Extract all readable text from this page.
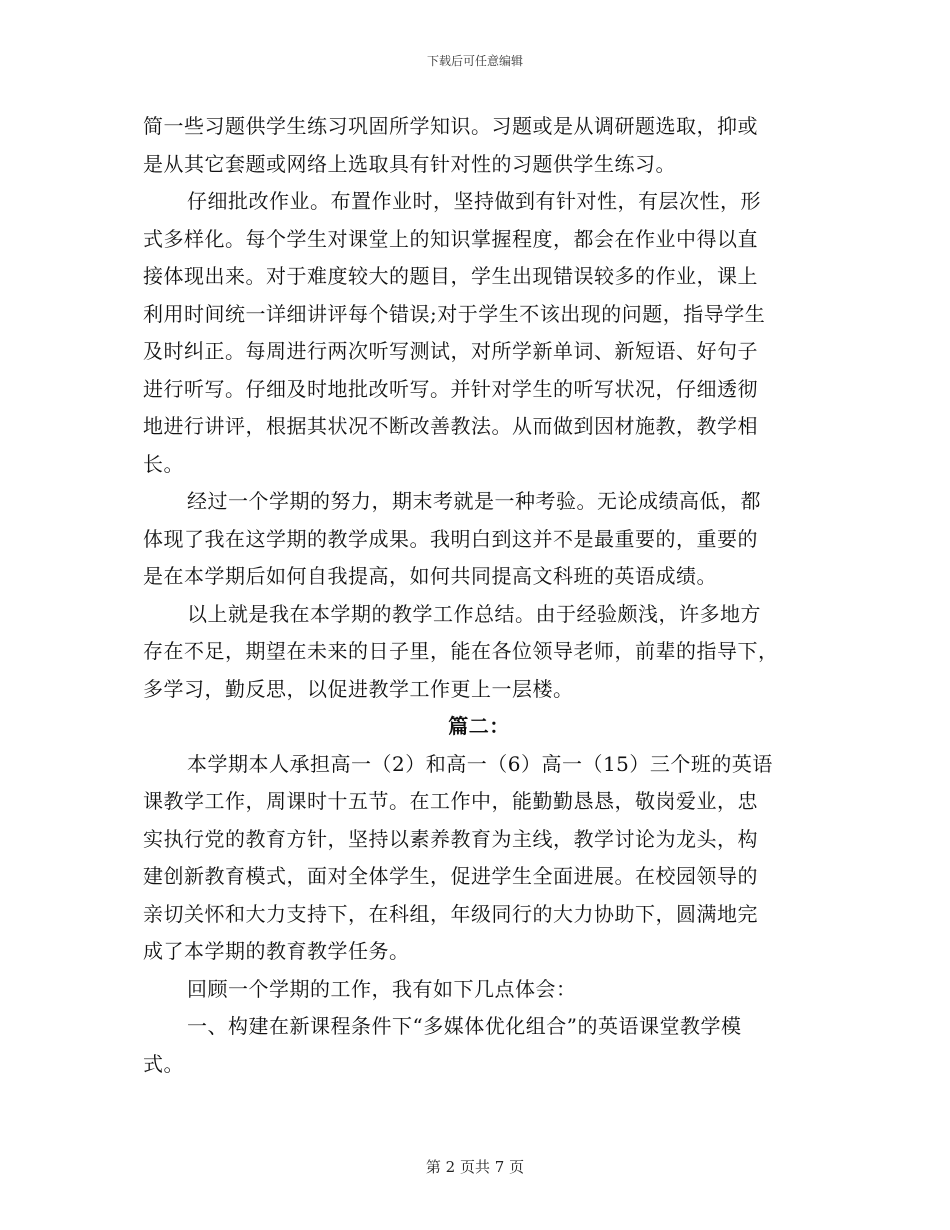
下载后可任意编辑
简一些习题供学生练习巩固所学知识。习题或是从调研题选取，抑或
是从其它套题或网络上选取具有针对性的习题供学生练习。
仔细批改作业。布置作业时，坚持做到有针对性，有层次性，形
式多样化。每个学生对课堂上的知识掌握程度，都会在作业中得以直
接体现出来。对于难度较大的题目，学生出现错误较多的作业，课上
利用时间统一详细讲评每个错误;对于学生不该出现的问题，指导学生
及时纠正。每周进行两次听写测试，对所学新单词、新短语、好句子
进行听写。仔细及时地批改听写。并针对学生的听写状况，仔细透彻
地进行讲评，根据其状况不断改善教法。从而做到因材施教，教学相
长。
经过一个学期的努力，期末考就是一种考验。无论成绩高低，都
体现了我在这学期的教学成果。我明白到这并不是最重要的，重要的
是在本学期后如何自我提高，如何共同提高文科班的英语成绩。
以上就是我在本学期的教学工作总结。由于经验颇浅，许多地方
存在不足，期望在未来的日子里，能在各位领导老师，前辈的指导下，
多学习，勤反思，以促进教学工作更上一层楼。
篇二：
本学期本人承担高一（2）和高一（6）高一（15）三个班的英语
课教学工作，周课时十五节。在工作中，能勤勤恳恳，敬岗爱业，忠
实执行党的教育方针，坚持以素养教育为主线，教学讨论为龙头，构
建创新教育模式，面对全体学生，促进学生全面进展。在校园领导的
亲切关怀和大力支持下，在科组，年级同行的大力协助下，圆满地完
成了本学期的教育教学任务。
回顾一个学期的工作，我有如下几点体会：
一、构建在新课程条件下“多媒体优化组合”的英语课堂教学模
式。
第 2 页共 7 页
